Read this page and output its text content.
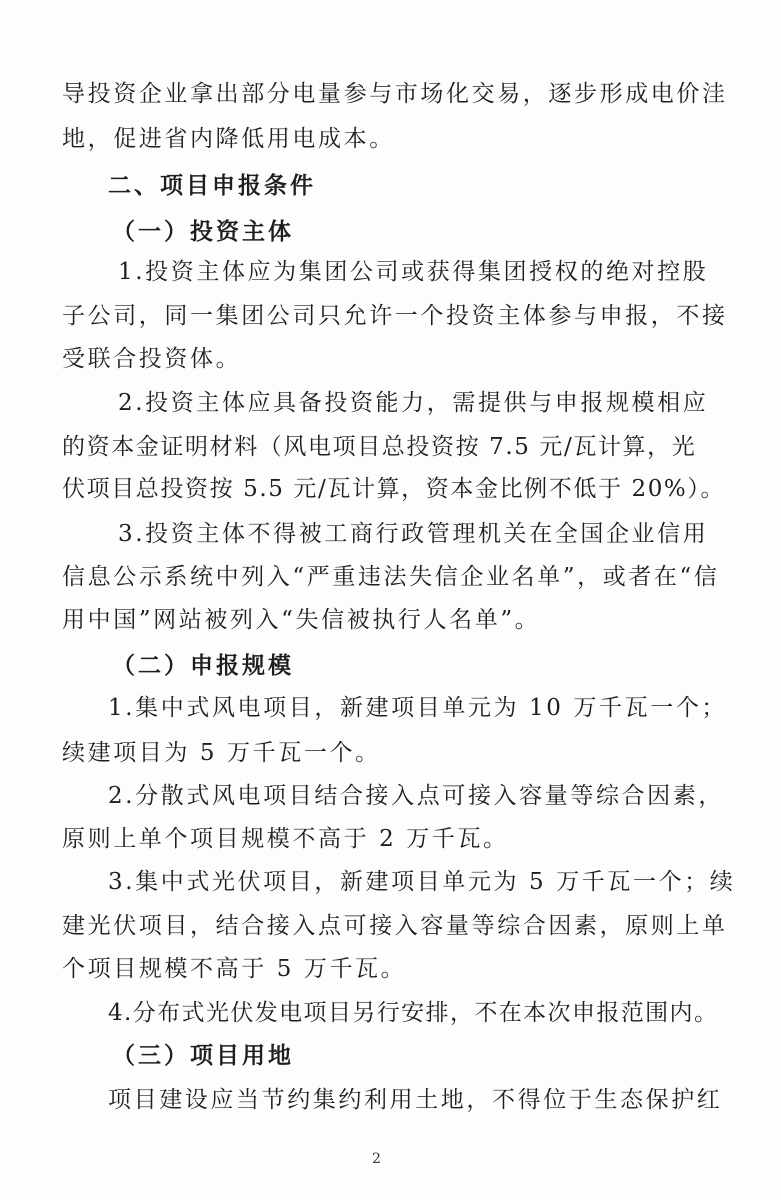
导投资企业拿出部分电量参与市场化交易，逐步形成电价洼
地，促进省内降低用电成本。
二、项目申报条件
（一）投资主体
1.投资主体应为集团公司或获得集团授权的绝对控股
子公司，同一集团公司只允许一个投资主体参与申报，不接
受联合投资体。
2.投资主体应具备投资能力，需提供与申报规模相应
的资本金证明材料（风电项目总投资按 7.5 元/瓦计算，光
伏项目总投资按 5.5 元/瓦计算，资本金比例不低于 20%）。
3.投资主体不得被工商行政管理机关在全国企业信用
信息公示系统中列入“严重违法失信企业名单”，或者在“信
用中国”网站被列入“失信被执行人名单”。
（二）申报规模
1.集中式风电项目，新建项目单元为 10 万千瓦一个；
续建项目为 5 万千瓦一个。
2.分散式风电项目结合接入点可接入容量等综合因素，
原则上单个项目规模不高于 2 万千瓦。
3.集中式光伏项目，新建项目单元为 5 万千瓦一个；续
建光伏项目，结合接入点可接入容量等综合因素，原则上单
个项目规模不高于 5 万千瓦。
4.分布式光伏发电项目另行安排，不在本次申报范围内。
（三）项目用地
项目建设应当节约集约利用土地，不得位于生态保护红
2
